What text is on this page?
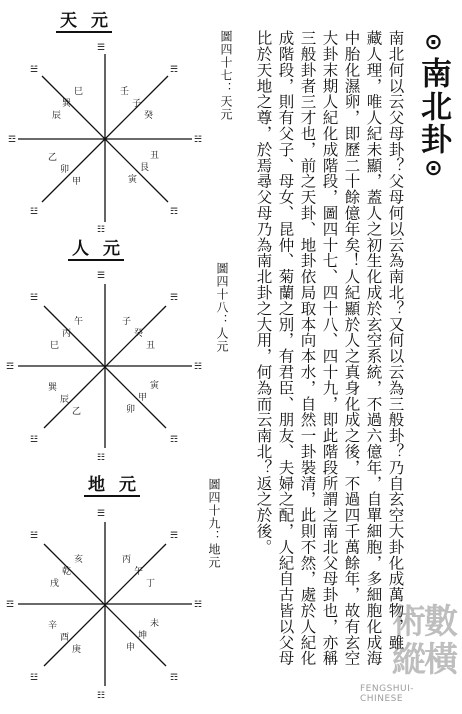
天元
☰
☷
☲	☵
☱	☴
☳	☶
壬
子
癸
丑
艮
寅
甲
卯
乙
辰
巽
巳
人元
☰
☷
☲	☵
☱	☴
☳	☶
子
癸
丑
寅
甲
卯
乙
辰
巽
巳
丙
午
地元
☰
☷
☲	☵
☱	☴
☳	☶
丙
午
丁
未
坤
申
庚
酉
辛
戌
乾
亥
圖四十七：天元
圖四十八：人元
圖四十九：地元
⊙南北卦⊙
南北何以云父母卦？父母何以云為南北？又何以云為三般卦？乃自玄空大卦化成萬物，雖
藏人理，唯人紀未顯，蓋人之初生化成於玄空系統，不過六億年，自單細胞，多細胞化成海
中胎化濕卵，即歷二十餘億年矣！人紀顯於人之真身化成之後，不過四千萬餘年，故有玄空
大卦末期人紀化成階段，圖四十七、四十八、四十九，即此階段所謂之南北父母卦也，亦稱
三般卦者三才也，前之天卦、地卦依局取本向本水，自然一卦裝清，此則不然，處於人紀化
成階段，則有父子、母女、昆仲、菊蘭之別，有君臣、朋友、夫婦之配，人紀自古皆以父母
比於天地之尊，於焉尋父母乃為南北卦之大用，何為而云南北？返之於後。
術數
縱橫
FENGSHUI-CHINESE
